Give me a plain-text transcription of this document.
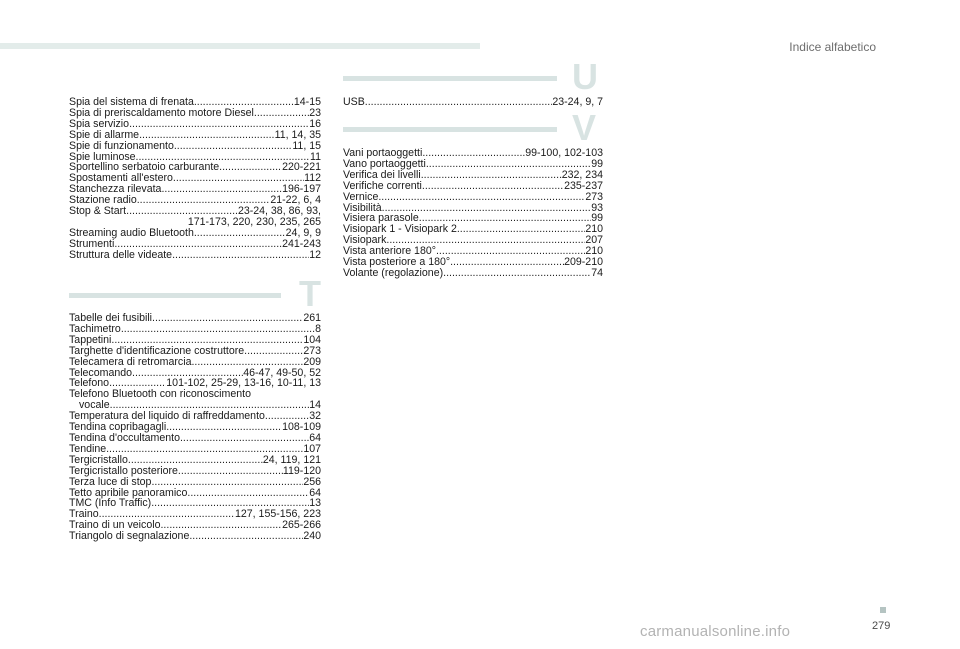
Indice alfabetico
Spia del sistema di frenata .....	14-15
Spia di preriscaldamento motore Diesel .....	23
Spia servizio .....	16
Spie di allarme .....	11, 14, 35
Spie di funzionamento .....	11, 15
Spie luminose .....	11
Sportellino serbatoio carburante .....	220-221
Spostamenti all'estero .....	112
Stanchezza rilevata .....	196-197
Stazione radio .....	21-22, 6, 4
Stop & Start .....	23-24, 38, 86, 93,
171-173, 220, 230, 235, 265
Streaming audio Bluetooth .....	24, 9, 9
Strumenti .....	241-243
Struttura delle videate .....	12
T
Tabelle dei fusibili .....	261
Tachimetro .....	8
Tappetini .....	104
Targhette d'identificazione costruttore .....	273
Telecamera di retromarcia .....	209
Telecomando .....	46-47, 49-50, 52
Telefono .....	101-102, 25-29, 13-16, 10-11, 13
Telefono Bluetooth con riconoscimento
vocale .....	14
Temperatura del liquido di raffreddamento .....	32
Tendina copribagagli .....	108-109
Tendina d'occultamento .....	64
Tendine .....	107
Tergicristallo .....	24, 119, 121
Tergicristallo posteriore .....	119-120
Terza luce di stop .....	256
Tetto apribile panoramico .....	64
TMC (Info Traffic) .....	13
Traino .....	127, 155-156, 223
Traino di un veicolo .....	265-266
Triangolo di segnalazione .....	240
U
USB .....	23-24, 9, 7
V
Vani portaoggetti .....	99-100, 102-103
Vano portaoggetti .....	99
Verifica dei livelli .....	232, 234
Verifiche correnti .....	235-237
Vernice .....	273
Visibilità .....	93
Visiera parasole .....	99
Visiopark 1 - Visiopark 2 .....	210
Visiopark .....	207
Vista anteriore 180° .....	210
Vista posteriore a 180° .....	209-210
Volante (regolazione) .....	74
279
carmanualsonline.info
